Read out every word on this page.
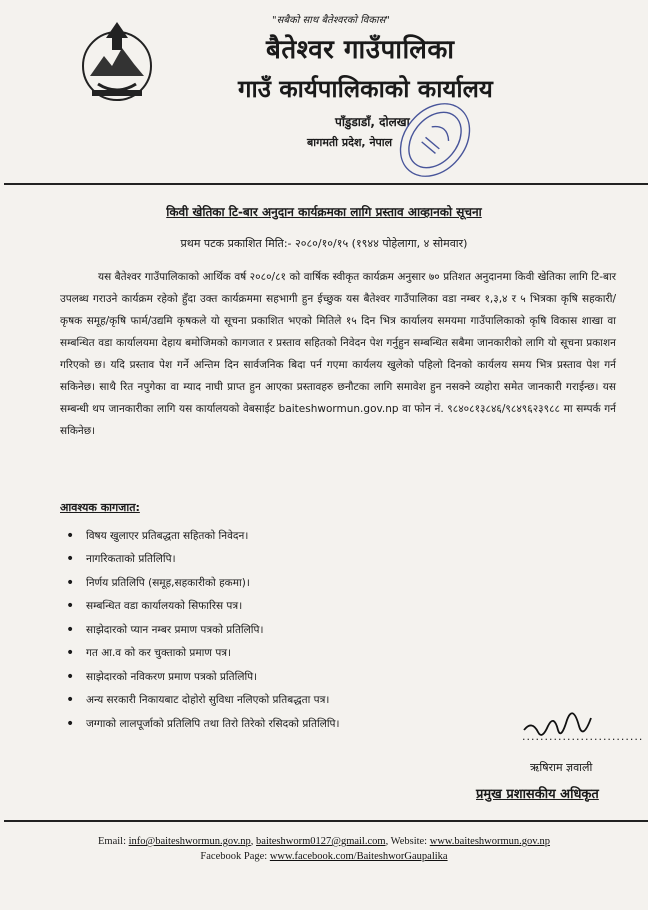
"सबैको साथ बैतेश्वरको विकास"
बैतेश्वर गाउँपालिका
गाउँ कार्यपालिकाको कार्यालय
पाँडुडाडाँ, दोलखा
बागमती प्रदेश, नेपाल
किवी खेतिका टि-बार अनुदान कार्यक्रमका लागि प्रस्ताव आव्हानको सूचना
प्रथम पटक प्रकाशित मिति:- २०८०/१०/१५ (१९४४ पोहेलागा, ४ सोमवार)

यस बैतेश्वर गाउँपालिकाको आर्थिक वर्ष २०८०/८१ को वार्षिक स्वीकृत कार्यक्रम अनुसार ७० प्रतिशत अनुदानमा किवी खेतिका लागि टि-बार उपलब्ध गराउने कार्यक्रम रहेको हुँदा उक्त कार्यक्रममा सहभागी हुन ईच्छुक यस बैतेश्वर गाउँपालिका वडा नम्बर १,३,४ र ५ भित्रका कृषि सहकारी/कृषक समूह/कृषि फार्म/उद्यमि कृषकले यो सूचना प्रकाशित भएको मितिले १५ दिन भित्र कार्यालय समयमा गाउँपालिकाको कृषि विकास शाखा वा सम्बन्धित वडा कार्यालयमा देहाय बमोजिमको कागजात र प्रस्ताव सहितको निवेदन पेश गर्नुहुन सम्बन्धित सबैमा जानकारीको लागि यो सूचना प्रकाशन गरिएको छ। यदि प्रस्ताव पेश गर्ने अन्तिम दिन सार्वजनिक बिदा पर्न गएमा कार्यलय खुलेको पहिलो दिनको कार्यलय समय भित्र प्रस्ताव पेश गर्न सकिनेछ। साथै रित नपुगेका वा म्याद नाघी प्राप्त हुन आएका प्रस्तावहरु छनौटका लागि समावेश हुन नसक्ने व्यहोरा समेत जानकारी गराईन्छ। यस सम्बन्धी थप जानकारीका लागि यस कार्यालयको वेबसाईट baiteshwormun.gov.np वा फोन नं. ९८४०८१३८४६/९८४९६२३९८८ मा सम्पर्क गर्न सकिनेछ।

आवश्यक कागजात:
•	विषय खुलाएर प्रतिबद्धता सहितको निवेदन।
•	नागरिकताको प्रतिलिपि।
•	निर्णय प्रतिलिपि (समूह,सहकारीको हकमा)।
•	सम्बन्धित वडा कार्यालयको सिफारिस पत्र।
•	साझेदारको प्यान नम्बर प्रमाण पत्रको प्रतिलिपि।
•	गत आ.व को कर चुक्ताको प्रमाण पत्र।
•	साझेदारको नविकरण प्रमाण पत्रको प्रतिलिपि।
•	अन्य सरकारी निकायबाट दोहोरो सुविधा नलिएको प्रतिबद्धता पत्र।
•	जग्गाको लालपूर्जाको प्रतिलिपि तथा तिरो तिरेको रसिदको प्रतिलिपि।
...........................
ऋषिराम ज्ञवाली
प्रमुख प्रशासकीय अधिकृत
Email: info@baiteshwormun.gov.np, baiteshworm0127@gmail.com, Website: www.baiteshwormun.gov.np
Facebook Page: www.facebook.com/BaiteshworGaupalika
